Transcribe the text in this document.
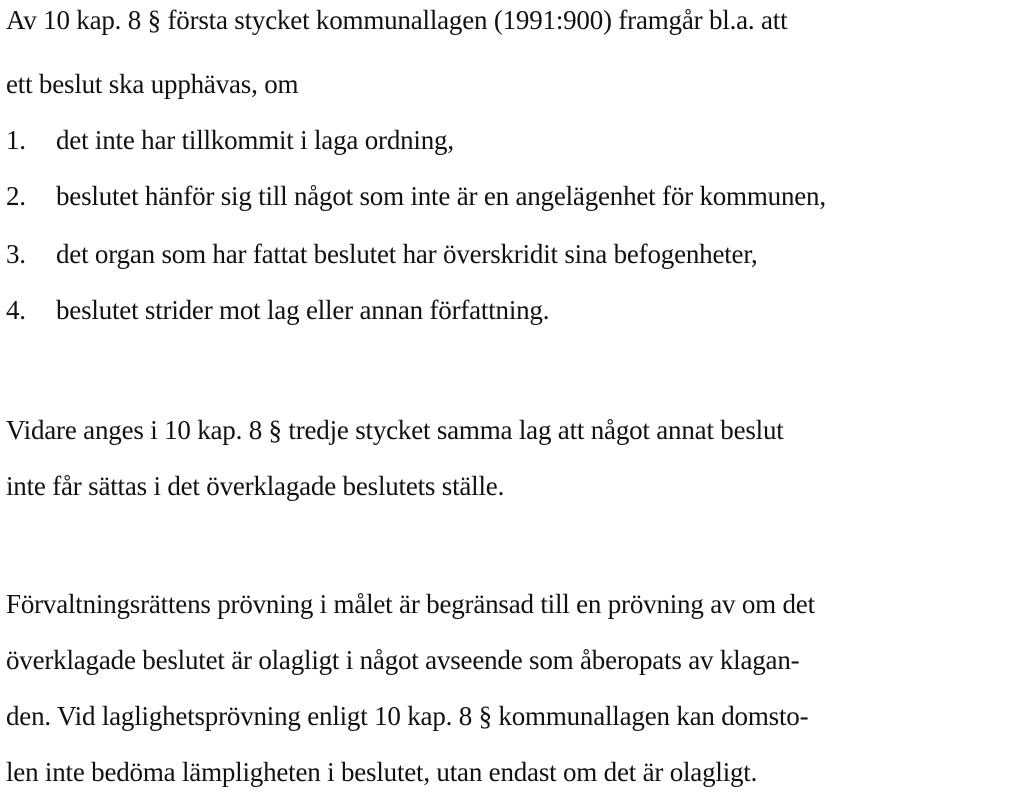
Av 10 kap. 8 § första stycket kommunallagen (1991:900) framgår bl.a. att
ett beslut ska upphävas, om
1. det inte har tillkommit i laga ordning,
2. beslutet hänför sig till något som inte är en angelägenhet för kommunen,
3. det organ som har fattat beslutet har överskridit sina befogenheter,
4. beslutet strider mot lag eller annan författning.
Vidare anges i 10 kap. 8 § tredje stycket samma lag att något annat beslut
inte får sättas i det överklagade beslutets ställe.
Förvaltningsrättens prövning i målet är begränsad till en prövning av om det
överklagade beslutet är olagligt i något avseende som åberopats av klagan-
den. Vid laglighetsprövning enligt 10 kap. 8 § kommunallagen kan domsto-
len inte bedöma lämpligheten i beslutet, utan endast om det är olagligt.
